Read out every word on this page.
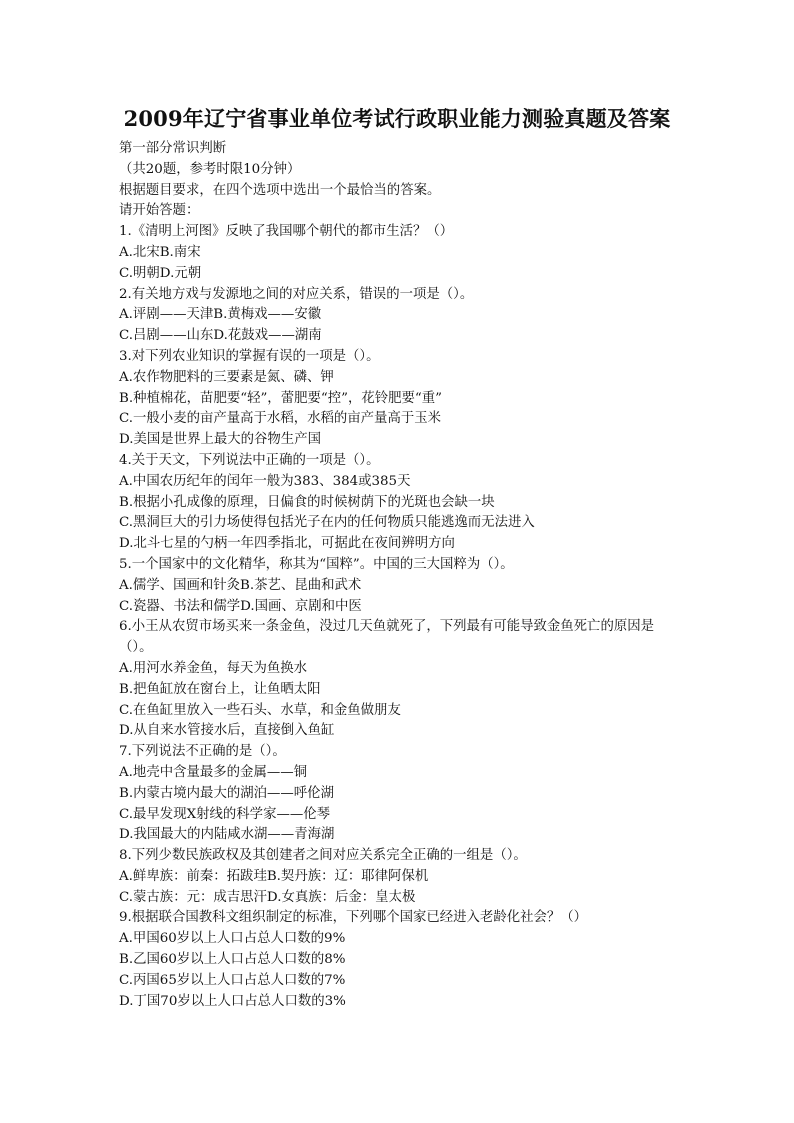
2009年辽宁省事业单位考试行政职业能力测验真题及答案
第一部分常识判断
（共20题，参考时限10分钟）
根据题目要求，在四个选项中选出一个最恰当的答案。
请开始答题：
1.《清明上河图》反映了我国哪个朝代的都市生活？（）
A.北宋B.南宋
C.明朝D.元朝
2.有关地方戏与发源地之间的对应关系，错误的一项是（）。
A.评剧——天津B.黄梅戏——安徽
C.吕剧——山东D.花鼓戏——湖南
3.对下列农业知识的掌握有误的一项是（）。
A.农作物肥料的三要素是氮、磷、钾
B.种植棉花，苗肥要“轻”，蕾肥要“控”，花铃肥要“重”
C.一般小麦的亩产量高于水稻，水稻的亩产量高于玉米
D.美国是世界上最大的谷物生产国
4.关于天文，下列说法中正确的一项是（）。
A.中国农历纪年的闰年一般为383、384或385天
B.根据小孔成像的原理，日偏食的时候树荫下的光斑也会缺一块
C.黑洞巨大的引力场使得包括光子在内的任何物质只能逃逸而无法进入
D.北斗七星的勺柄一年四季指北，可据此在夜间辨明方向
5.一个国家中的文化精华，称其为“国粹”。中国的三大国粹为（）。
A.儒学、国画和针灸B.茶艺、昆曲和武术
C.瓷器、书法和儒学D.国画、京剧和中医
6.小王从农贸市场买来一条金鱼，没过几天鱼就死了，下列最有可能导致金鱼死亡的原因是（）。
A.用河水养金鱼，每天为鱼换水
B.把鱼缸放在窗台上，让鱼晒太阳
C.在鱼缸里放入一些石头、水草，和金鱼做朋友
D.从自来水管接水后，直接倒入鱼缸
7.下列说法不正确的是（）。
A.地壳中含量最多的金属——铜
B.内蒙古境内最大的湖泊——呼伦湖
C.最早发现X射线的科学家——伦琴
D.我国最大的内陆咸水湖——青海湖
8.下列少数民族政权及其创建者之间对应关系完全正确的一组是（）。
A.鲜卑族：前秦：拓跋珪B.契丹族：辽：耶律阿保机
C.蒙古族：元：成吉思汗D.女真族：后金：皇太极
9.根据联合国教科文组织制定的标准，下列哪个国家已经进入老龄化社会？（）
A.甲国60岁以上人口占总人口数的9%
B.乙国60岁以上人口占总人口数的8%
C.丙国65岁以上人口占总人口数的7%
D.丁国70岁以上人口占总人口数的3%
